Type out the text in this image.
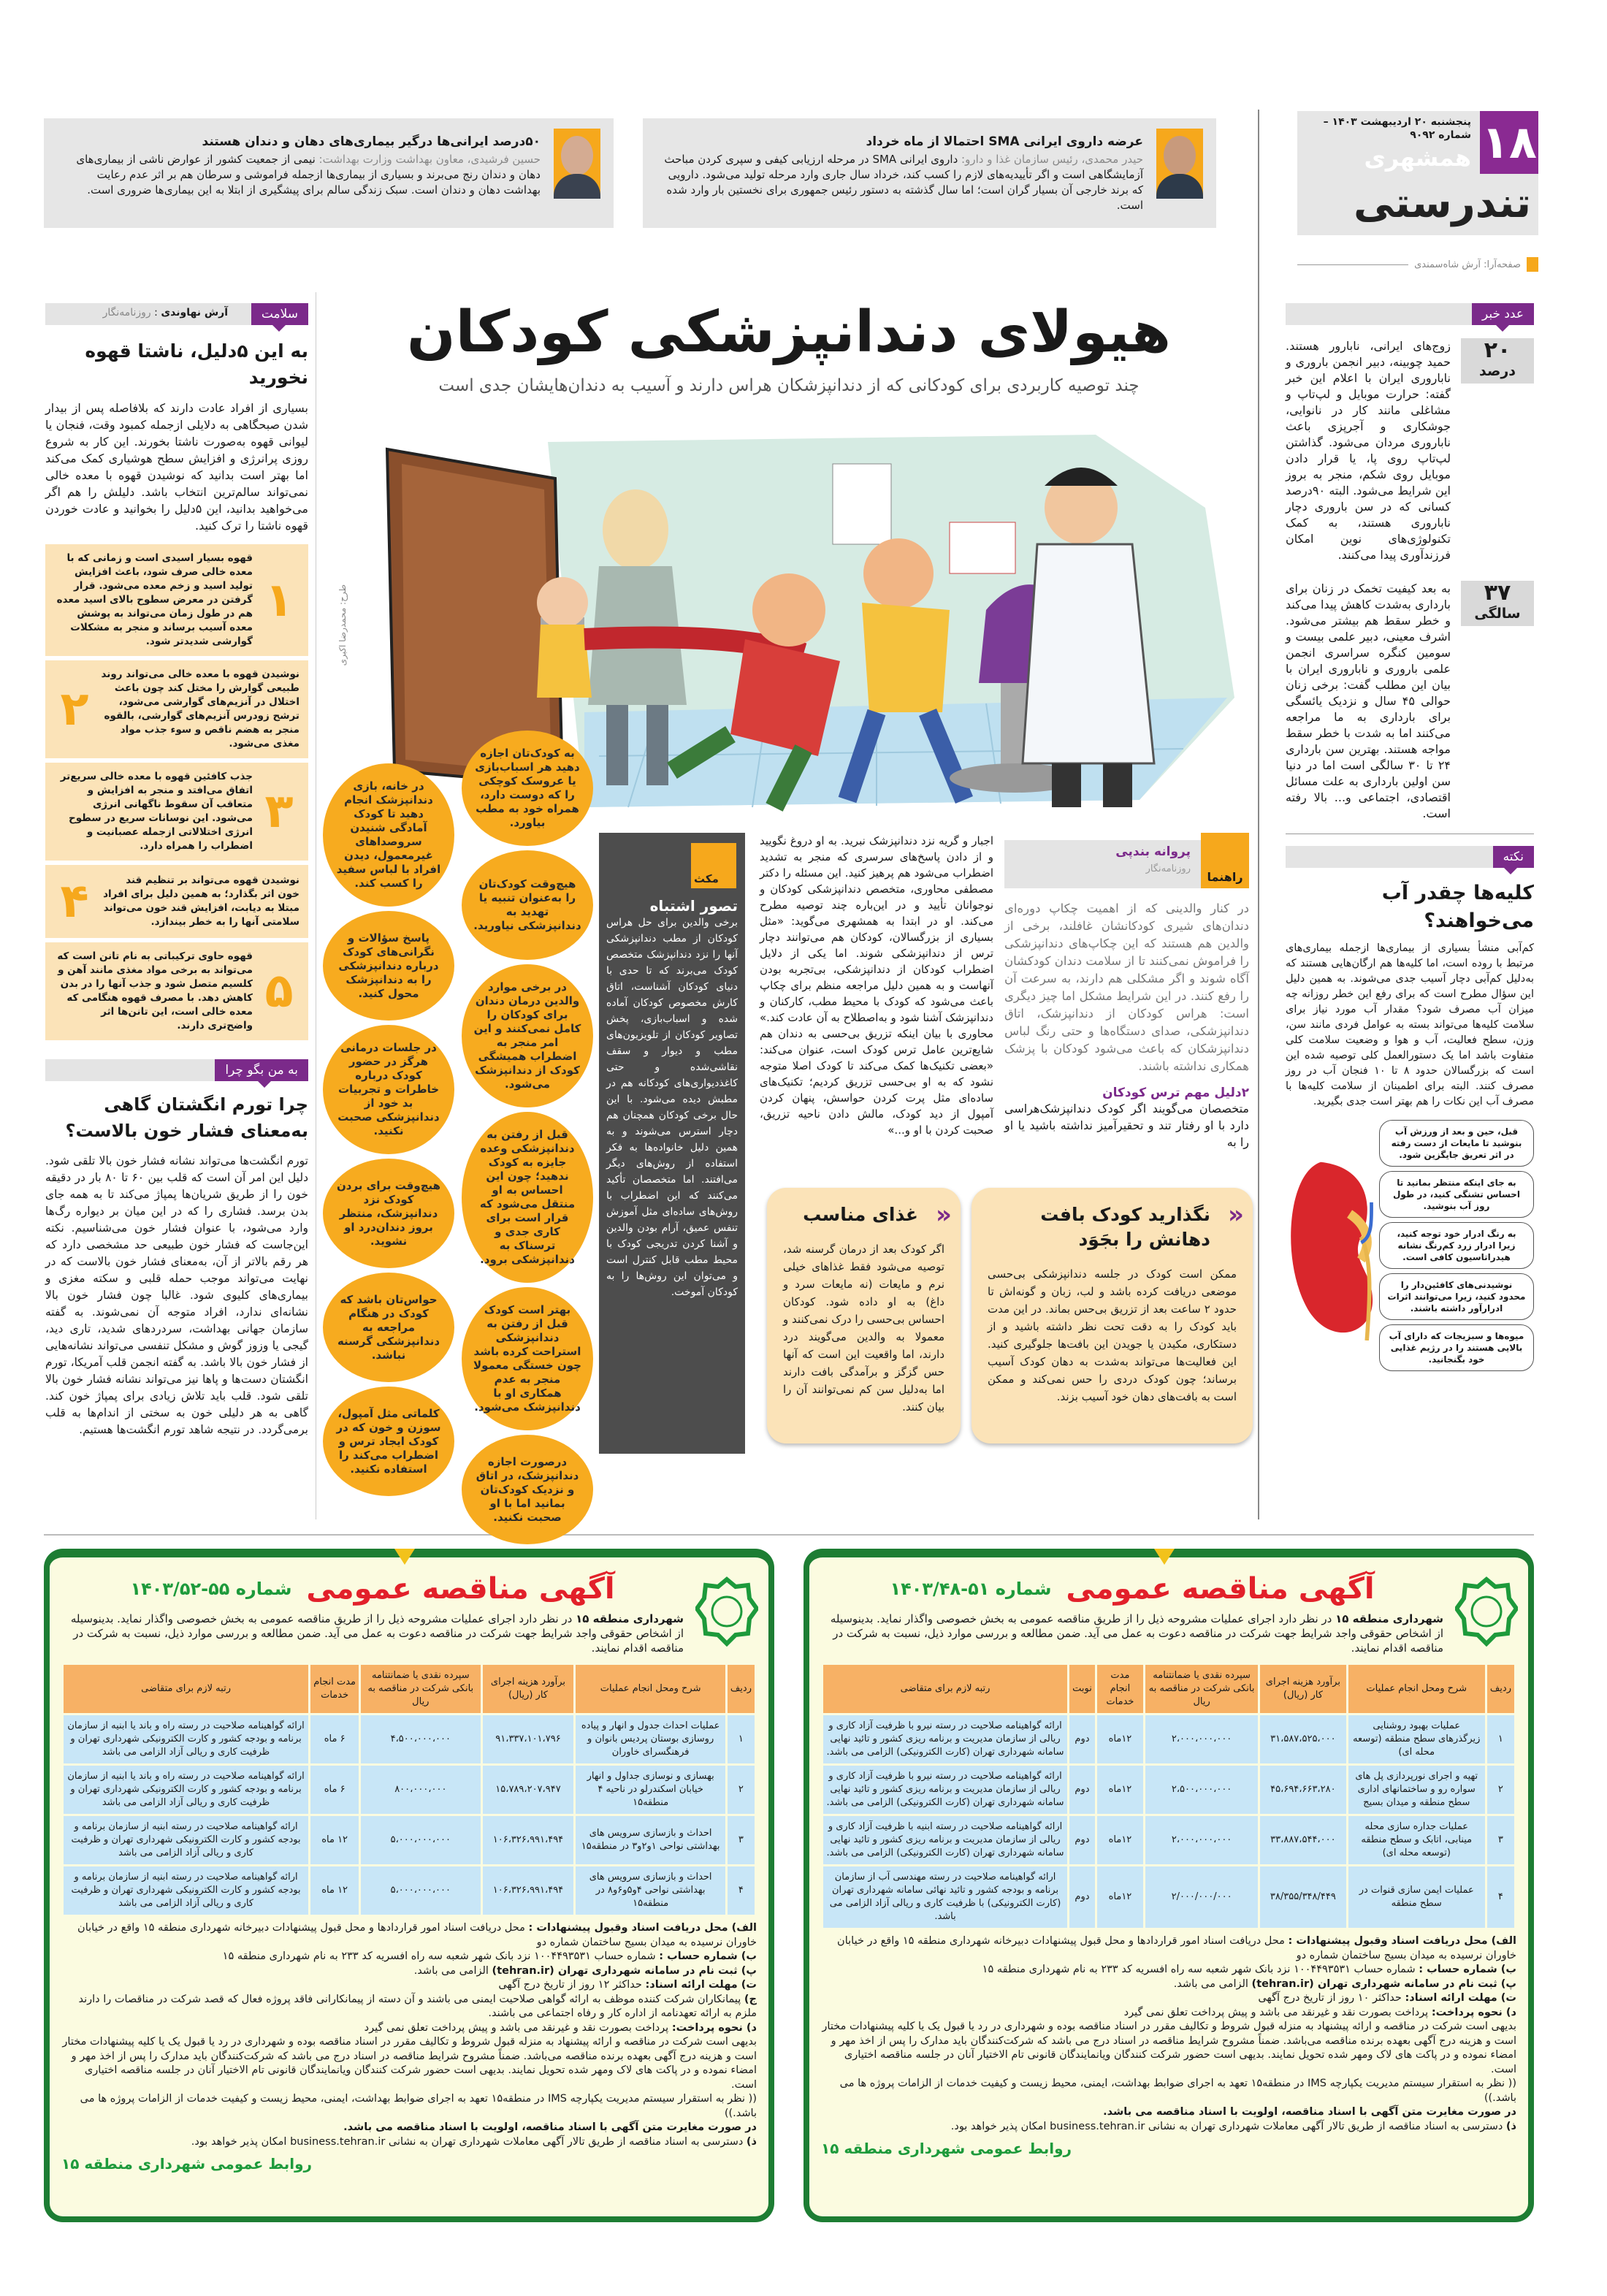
۱۸
پنجشنبه ۲۰ اردیبهشت ۱۴۰۳ – شماره ۹۰۹۲
همشهری
تندرستی
صفحه‌آرا: آرش شاه‌سمندی
عرضه داروی ایرانی SMA احتمالا از ماه خرداد

حیدر محمدی، رئیس سازمان غذا و دارو: داروی ایرانی SMA در مرحله ارزیابی کیفی و سپری کردن مباحث آزمایشگاهی است و اگر تأییدیه‌های لازم را کسب کند، خرداد سال جاری وارد مرحله تولید می‌شود. دارویی که برند خارجی آن بسیار گران است؛ اما سال گذشته به دستور رئیس جمهوری برای نخستین بار وارد شده است.

۵۰درصد ایرانی‌ها درگیر بیماری‌های دهان و دندان هستند

حسین فرشیدی، معاون بهداشت وزارت بهداشت: نیمی از جمعیت کشور از عوارض ناشی از بیماری‌های دهان و دندان رنج می‌برند و بسیاری از بیماری‌ها ازجمله فراموشی و سرطان هم بر اثر عدم رعایت بهداشت دهان و دندان است. سبک زندگی سالم برای پیشگیری از ابتلا به این بیماری‌ها ضروری است.

عدد خبر
۲۰
درصد

زوج‌های ایرانی، نابارور هستند. حمید چوبینه، دبیر انجمن باروری و ناباروری ایران با اعلام این خبر گفته: حرارت موبایل و لپ‌تاپ و مشاغلی مانند کار در نانوایی، جوشکاری و آجرپزی باعث ناباروری مردان می‌شود. گذاشتن لپ‌تاپ روی پا، یا قرار دادن موبایل روی شکم، منجر به بروز این شرایط می‌شود. البته ۹۰درصد کسانی که در سن باروری دچار ناباروری هستند، به کمک تکنولوژی‌های نوین امکان فرزندآوری پیدا می‌کنند.

۳۷
سالگی

به بعد کیفیت تخمک در زنان برای بارداری به‌شدت کاهش پیدا می‌کند و خطر سقط هم بیشتر می‌شود. اشرف معینی، دبیر علمی بیست و سومین کنگره سراسری انجمن علمی باروری و ناباروری ایران با بیان این مطلب گفت: برخی زنان حوالی ۴۵ سال و نزدیک یائسگی برای بارداری به ما مراجعه می‌کنند اما به شدت با خطر سقط مواجه هستند. بهترین سن بارداری ۲۴ تا ۳۰ سالگی است اما در دنیا سن اولین بارداری به علت مسائل اقتصادی، اجتماعی و... بالا رفته است.

نکته
کلیه‌ها چقدر آب می‌خواهند؟

کم‌آبی منشأ بسیاری از بیماری‌ها ازجمله بیماری‌های مرتبط با روده است، اما کلیه‌ها هم ارگان‌هایی هستند که به‌دلیل کم‌آبی دچار آسیب جدی می‌شوند. به همین دلیل این سؤال مطرح است که برای رفع این خطر روزانه چه میزان آب مصرف شود؟ مقدار آب مورد نیاز برای سلامت کلیه‌ها می‌تواند بسته به عوامل فردی مانند سن، وزن، سطح فعالیت، آب و هوا و وضعیت سلامت کلی متفاوت باشد اما یک دستورالعمل کلی توصیه شده این است که بزرگسالان حدود ۸ تا ۱۰ فنجان آب در روز مصرف کنند. البته برای اطمینان از سلامت کلیه‌ها با مصرف آب این نکات را هم بهتر است جدی بگیرید.

قبل، حین و بعد از ورزش آب بنوشید تا مایعات از دست رفته در اثر تعریق جایگزین شود.
به جای اینکه منتظر بمانید تا احساس تشنگی کنید، در طول روز آب بنوشید.
به رنگ ادرار خود توجه کنید، زیرا ادرار زرد کم‌رنگ نشانه هیدراتاسیون کافی است.
نوشیدنی‌های کافئین‌دار را محدود کنید، زیرا می‌توانند اثرات ادرارآور داشته باشند.
میوه‌ها و سبزیجات که دارای آب بالایی هستند را در رژیم غذایی خود بگنجانید.
هیولای دندانپزشکی کودکان
چند توصیه کاربردی برای کودکانی که از دندانپزشکان هراس دارند و آسیب به دندان‌هایشان جدی است
طرح: محمدرضا اکبری
راهنما
پروانه بندپی
روزنامه‌نگار

در کنار والدینی که از اهمیت چکاپ دوره‌ای دندان‌های شیری کودکانشان غافلند، برخی از والدین هم هستند که این چکاپ‌های دندانپزشکی را فراموش نمی‌کنند تا از سلامت دندان کودکشان آگاه شوند و اگر مشکلی هم دارند، به سرعت آن را رفع کنند. در این شرایط مشکل اما چیز دیگری است: هراس کودکان از دندانپزشک، اتاق دندانپزشکی، صدای دستگاه‌ها و حتی رنگ لباس دندانپزشکان که باعث می‌شود کودکان با پزشک همکاری نداشته باشند.

۲دلیل مهم ترس کودکان

متخصصان می‌گویند اگر کودک دندانپزشک‌هراسی دارد با او رفتار تند و تحقیرآمیز نداشته باشید یا او را به

اجبار و گریه نزد دندانپزشک نبرید. به او دروغ نگویید و از دادن پاسخ‌های سرسری که منجر به تشدید اضطراب می‌شود هم پرهیز کنید. این مسئله را دکتر مصطفی محاوری، متخصص دندانپزشکی کودکان و نوجوانان تأیید و در این‌باره چند توصیه مطرح می‌کند. او در ابتدا به همشهری می‌گوید: «مثل بسیاری از بزرگسالان، کودکان هم می‌توانند دچار ترس از دندانپزشکی شوند. اما یکی از دلایل اضطراب کودکان از دندانپزشکی، بی‌تجربه بودن آنهاست و به همین دلیل مراجعه منظم برای چکاپ باعث می‌شود که کودک با محیط مطب، کارکنان و دندانپزشک آشنا شود و به‌اصطلاح به آن عادت کند.» محاوری با بیان اینکه تزریق بی‌حسی به دندان هم شایع‌ترین عامل ترس کودک است، عنوان می‌کند: «بعضی تکنیک‌ها کمک می‌کند تا کودک اصلا متوجه نشود که به او بی‌حسی تزریق کردیم؛ تکنیک‌های ساده‌ای مثل پرت کردن حواسش، پنهان کردن آمپول از دید کودک، مالش دادن ناحیه تزریق، صحبت کردن با او و...»

مکث
تصور اشتباه

برخی والدین برای حل هراس کودکان از مطب دندانپزشکی آنها را نزد دندانپزشک متخصص کودک می‌برند که تا حدی با دنیای کودکان آشناست، اتاق کارش مخصوص کودکان آماده شده و اسباب‌بازی، پخش تصاویر کودکان از تلویزیون‌های مطب و دیوار و سقف نقاشی‌شده و حتی کاغذدیواری‌های کودکانه هم در مطبش دیده می‌شود. با این حال برخی کودکان همچنان هم دچار استرس می‌شوند و به همین دلیل خانواده‌ها به فکر استفاده از روش‌های دیگر می‌افتند. اما متخصصان تأکید می‌کنند که این اضطراب با روش‌های ساده‌ای مثل آموزش تنفس عمیق، آرام بودن والدین و آشنا کردن تدریجی کودک با محیط مطب قابل کنترل است و می‌توان این روش‌ها را به کودکان آموخت.

به کودک‌تان اجازه دهید هر اسباب‌بازی یا عروسک کوچکی را که دوست دارد، همراه خود به مطب بیاورد.
هیچ‌وقت کودک‌تان را به‌عنوان تنبیه یا تهدید به دندانپزشکی نیاورید.
در برخی موارد والدین درمان دندان برای کودکان را کامل نمی‌کنند و این امر منجر به اضطراب همیشگی کودک از دندانپزشک می‌شود.
قبل از رفتن به دندانپزشکی وعده جایزه به کودک ندهید؛ چون این احساس به او منتقل می‌شود که قرار است برای کاری جدی و ترسناک به دندانپزشکی برود.
بهتر است کودک قبل از رفتن به دندانپزشکی استراحت کرده باشد چون خستگی معمولا منجر به عدم همکاری او با دندانپزشک می‌شود.
درصورت اجازه دندانپزشک، در اتاق و نزدیک کودک‌تان بمانید اما با او صحبت نکنید.
در خانه، بازی دندانپزشک انجام دهید تا کودک آمادگی شنیدن سروصداهای غیرمعمول، دیدن افراد با لباس سفید را کسب کند.
پاسخ سؤالات و نگرانی‌های کودک درباره دندانپزشکی را به دندانپزشک محول کنید.
در جلسات درمانی هرگز در حضور کودک درباره خاطرات و تجربیات بد خود از دندانپزشکی صحبت نکنید.
هیچ‌وقت برای بردن کودک نزد دندانپزشک، منتظر بروز دندان‌درد او نشوید.
حواس‌تان باشد که کودک در هنگام مراجعه به دندانپزشکی گرسنه نباشد.
کلماتی مثل آمپول، سوزن و خون که در کودک ایجاد ترس و اضطراب می‌کند را استفاده نکنید.
«
نگذارید کودک بافت دهانش را بجَوَد

ممکن است کودک در جلسه دندانپزشکی بی‌حسی موضعی دریافت کرده باشد و لب، زبان و گونه‌اش تا حدود ۲ ساعت بعد از تزریق بی‌حس بماند. در این مدت باید کودک را به دقت تحت نظر داشته باشید و از دستکاری، مکیدن یا جویدن این بافت‌ها جلوگیری کنید. این فعالیت‌ها می‌تواند به‌شدت به دهان کودک آسیب برساند؛ چون کودک دردی را حس نمی‌کند و ممکن است به بافت‌های دهان خود آسیب بزند.

«
غذای مناسب

اگر کودک بعد از درمان گرسنه شد، توصیه می‌شود فقط غذاهای خیلی نرم و مایعات (نه مایعات سرد و داغ) به او داده شود. کودکان احساس بی‌حسی را درک نمی‌کنند و معمولا به والدین می‌گویند درد دارند، اما واقعیت این است که آنها حس گزگز و برآمدگی بافت دارند اما به‌دلیل سن کم نمی‌توانند آن را بیان کنند.

سلامت
آرش نهاوندی : روزنامه‌نگار
به این ۵دلیل، ناشتا قهوه نخورید

بسیاری از افراد عادت دارند که بلافاصله پس از بیدار شدن صبحگاهی به دلایلی ازجمله کمبود وقت، فنجان یا لیوانی قهوه به‌صورت ناشتا بخورند. این کار به شروع روزی پرانرژی و افزایش سطح هوشیاری کمک می‌کند اما بهتر است بدانید که نوشیدن قهوه با معده خالی نمی‌تواند سالم‌ترین انتخاب باشد. دلیلش را هم اگر می‌خواهید بدانید، این ۵دلیل را بخوانید و عادت خوردن قهوه ناشتا را ترک کنید.

۱
قهوه بسیار اسیدی است و زمانی که با معده خالی صرف شود، باعث افزایش تولید اسید و زخم معده می‌شود. قرار گرفتن در معرض سطوح بالای اسید معده هم در طول زمان می‌تواند به پوشش معده آسیب برساند و منجر به مشکلات گوارشی شدیدتر شود.
۲
نوشیدن قهوه با معده خالی می‌تواند روند طبیعی گوارش را مختل کند چون باعث اختلال در آنزیم‌های گوارشی می‌شود، ترشح زودرس آنزیم‌های گوارشی، بالقوه منجر به هضم ناقص و سوء جذب مواد مغذی می‌شود.
۳
جذب کافئین قهوه با معده خالی سریع‌تر اتفاق می‌افتد و منجر به افزایش و متعاقب آن سقوط ناگهانی انرژی می‌شود. این نوسانات سریع در سطوح انرژی اختلالاتی ازجمله عصبانیت و اضطراب را همراه دارد.
۴	نوشیدن قهوه می‌تواند بر تنظیم قند خون اثر بگذارد؛ به همین دلیل برای افراد مبتلا به دیابت، افزایش قند خون می‌تواند سلامتی آنها را به خطر بیندازد.
۵
قهوه حاوی ترکیباتی به نام تانن است که می‌تواند به برخی مواد مغذی مانند آهن و کلسیم متصل شود و جذب آنها را در بدن کاهش دهد. با مصرف قهوه هنگامی که معده خالی است، این تانن‌ها اثر واضح‌تری دارند.
به من بگو چرا
چرا تورم انگشتان گاهی به‌معنای فشار خون بالاست؟

تورم انگشت‌ها می‌تواند نشانه فشار خون بالا تلقی شود. دلیل این امر آن است که قلب بین ۶۰ تا ۸۰ بار در دقیقه خون را از طریق شریان‌ها پمپاژ می‌کند تا به همه جای بدن برسد. فشاری را که در این میان بر دیواره رگ‌ها وارد می‌شود، با عنوان فشار خون می‌شناسیم. نکته این‌جاست که فشار خون طبیعی حد مشخصی دارد که هر رقم بالاتر از آن، به‌معنای فشار خون بالاست که در نهایت می‌تواند موجب حمله قلبی و سکته مغزی و بیماری‌های کلیوی شود. غالبا چون فشار خون بالا نشانه‌ای ندارد، افراد متوجه آن نمی‌شوند. به گفته سازمان جهانی بهداشت، سردردهای شدید، تاری دید، گیجی یا وزوز گوش و مشکل تنفسی می‌تواند نشانه‌هایی از فشار خون بالا باشد. به گفته انجمن قلب آمریکا، تورم انگشتان دست‌ها و پاها نیز می‌تواند نشانه فشار خون بالا تلقی شود. قلب باید تلاش زیادی برای پمپاژ خون کند. گاهی به هر دلیلی خون به سختی از اندام‌ها به قلب برمی‌گردد. در نتیجه شاهد تورم انگشت‌ها هستیم.

آگهی مناقصه عمومی
شماره ۵۱-۱۴۰۳/۴۸

شهرداری منطقه ۱۵ در نظر دارد اجرای عملیات مشروحه ذیل را از طریق مناقصه عمومی به بخش خصوصی واگذار نماید. بدینوسیله از اشخاص حقوقی واجد شرایط جهت شرکت در مناقصه دعوت به عمل می آید. ضمن مطالعه و بررسی موارد ذیل، نسبت به شرکت در مناقصه اقدام نمایند.

ردیف	شرح ومحل انجام عملیات	برآورد هزینه اجرای کار (ریال)	سپرده نقدی یا ضمانتنامه بانکی شرکت در مناقصه به ریال	مدت انجام خدمات	نوبت	رتبه لازم برای متقاضی
۱	عملیات بهبود روشنایی زیرگذرهای سطح منطقه (توسعه محله ای)	۳۱،۵۸۷،۵۲۵،۰۰۰	۲،۰۰۰،۰۰۰،۰۰۰	۱۲ماه	دوم	ارائه گواهینامه صلاحیت در رسته نیرو با ظرفیت آزاد کاری و ریالی از سازمان مدیریت و برنامه ریزی کشور و تائید نهایی سامانه شهرداری تهران (کارت الکترونیکی) الزامی می باشد.
۲	تهیه و اجرای نورپردازی پل های سواره رو و ساختمانهای اداری سطح منطقه و میدان بسیج	۴۵،۶۹۴،۶۶۳،۲۸۰	۲،۵۰۰،۰۰۰،۰۰۰	۱۲ماه	دوم	ارائه گواهینامه صلاحیت در رسته نیرو با ظرفیت آزاد کاری و ریالی از سازمان مدیریت و برنامه ریزی کشور و تائید نهایی سامانه شهرداری تهران (کارت الکترونیکی) الزامی می باشد.
۳	عملیات جداره سازی محله مینابی، اتابک و سطح منطقه (توسعه محله ای)	۳۳،۸۸۷،۵۴۴،۰۰۰	۲،۰۰۰،۰۰۰،۰۰۰	۱۲ماه	دوم	ارائه گواهینامه صلاحیت در رسته ابنیه با ظرفیت آزاد کاری و ریالی از سازمان مدیریت و برنامه ریزی کشور و تائید نهایی سامانه شهرداری تهران (کارت الکترونیکی) الزامی می باشد.
۴	عملیات ایمن سازی قنوات در سطح منطقه	۳۸/۳۵۵/۳۴۸/۴۴۹	۲/۰۰۰/۰۰۰/۰۰۰	۱۲ماه	دوم	ارائه گواهینامه صلاحیت در رسته مهندسی آب از سازمان برنامه و بودجه کشور و تائید نهائی سامانه شهرداری تهران (کارت الکترونیکی) با ظرفیت کاری و ریالی آزاد الزامی می باشد.

الف) محل دریافت اسناد وقبول پیشنهادات : محل دریافت اسناد امور قراردادها و محل قبول پیشنهادات دبیرخانه شهرداری منطقه ۱۵ واقع در خیابان خاوران نرسیده به میدان بسیج ساختمان شماره دو

ب) شماره حساب : شماره حساب ۱۰۰۴۴۹۳۵۳۱ نزد بانک شهر شعبه سه راه افسریه کد ۲۳۳ به نام شهرداری منطقه ۱۵

پ) ثبت نام در سامانه شهرداری تهران (tehran.ir) الزامی می باشد.

ت) مهلت ارائه اسناد: حداکثر ۱۰ روز از تاریخ درج آگهی

د) نحوه پرداخت: پرداخت بصورت نقد و غیرنقد می باشد و پیش پرداخت تعلق نمی گیرد

بدیهی است شرکت در مناقصه و ارائه پیشنهاد به منزله قبول شروط و تکالیف مقرر در اسناد مناقصه بوده و شهرداری در رد یا قبول یک یا کلیه پیشنهادات مختار است و هزینه درج آگهی بعهده برنده مناقصه می‌باشد. ضمناً مشروح شرایط مناقصه در اسناد درج می باشد که شرکت‌کنندگان باید مدارک را پس از اخذ مهر و امضاء نموده و در پاکت های لاک ومهر شده تحویل نمایند. بدیهی است حضور شرکت کنندگان ویانمایندگان قانونی تام الاختیار آنان در جلسه مناقصه اختیاری است.

(( نظر به استقرار سیستم مدیریت یکپارچه IMS در منطقه۱۵ تعهد به اجرای ضوابط بهداشت، ایمنی، محیط زیست و کیفیت خدمات از الزامات پروژه ها می باشد.))

در صورت مغایرت متن آگهی با اسناد مناقصه، اولویت با اسناد مناقصه می باشد.

ذ) دسترسی به اسناد مناقصه از طریق تالار آگهی معاملات شهرداری تهران به نشانی business.tehran.ir امکان پذیر خواهد بود.

روابط عمومی شهرداری منطقه ۱۵
آگهی مناقصه عمومی
شماره ۵۵-۱۴۰۳/۵۲

شهرداری منطقه ۱۵ در نظر دارد اجرای عملیات مشروحه ذیل را از طریق مناقصه عمومی به بخش خصوصی واگذار نماید. بدینوسیله از اشخاص حقوقی واجد شرایط جهت شرکت در مناقصه دعوت به عمل می آید. ضمن مطالعه و بررسی موارد ذیل، نسبت به شرکت در مناقصه اقدام نمایند.

ردیف	شرح ومحل انجام عملیات	برآورد هزینه اجرای کار (ریال)	سپرده نقدی یا ضمانتنامه بانکی شرکت در مناقصه به ریال	مدت انجام خدمات	رتبه لازم برای متقاضی
۱	عملیات احداث جدول و انهار و پیاده روسازی بوستان پردیس بانوان و فرهنگسرای خاوران	۹۱،۳۳۷،۱۰۱،۷۹۶	۴،۵۰۰،۰۰۰،۰۰۰	۶ ماه	ارائه گواهینامه صلاحیت در رسته راه و باند یا ابنیه از سازمان برنامه و بودجه کشور و کارت الکترونیکی شهرداری تهران و ظرفیت کاری و ریالی آزاد الزامی می باشد
۲	بهسازی و نوسازی جداول و انهار خیابان اسکندرلو در ناحیه ۴ منطقه۱۵	۱۵،۷۸۹،۲۰۷،۹۴۷	۸۰۰،۰۰۰،۰۰۰	۶ ماه	ارائه گواهینامه صلاحیت در رسته راه و باند یا ابنیه از سازمان برنامه و بودجه کشور و کارت الکترونیکی شهرداری تهران و ظرفیت کاری و ریالی آزاد الزامی می باشد
۳	احداث و بازسازی سرویس های بهداشتی نواحی ۱و۲و۳ در منطقه۱۵	۱۰۶،۳۲۶،۹۹۱،۴۹۴	۵،۰۰۰،۰۰۰،۰۰۰	۱۲ ماه	ارائه گواهینامه صلاحیت در رسته ابنیه از سازمان برنامه و بودجه کشور و کارت الکترونیکی شهرداری تهران و ظرفیت کاری و ریالی آزاد الزامی می باشد
۴	احداث و بازسازی سرویس های بهداشتی نواحی ۴و۵و۶و۸ در منطقه۱۵	۱۰۶،۳۲۶،۹۹۱،۴۹۴	۵،۰۰۰،۰۰۰،۰۰۰	۱۲ ماه	ارائه گواهینامه صلاحیت در رسته ابنیه از سازمان برنامه و بودجه کشور و کارت الکترونیکی شهرداری تهران و ظرفیت کاری و ریالی آزاد الزامی می باشد

الف) محل دریافت اسناد وقبول پیشنهادات : محل دریافت اسناد امور قراردادها و محل قبول پیشنهادات دبیرخانه شهرداری منطقه ۱۵ واقع در خیابان خاوران نرسیده به میدان بسیج ساختمان شماره دو

ب) شماره حساب : شماره حساب ۱۰۰۴۴۹۳۵۳۱ نزد بانک شهر شعبه سه راه افسریه کد ۲۳۳ به نام شهرداری منطقه ۱۵

پ) ثبت نام در سامانه شهرداری تهران (tehran.ir) الزامی می باشد.

ت) مهلت ارائه اسناد: حداکثر ۱۲ روز از تاریخ درج آگهی

ج) پیمانکاران شرکت کننده موظف به ارائه گواهی صلاحیت ایمنی می باشند و آن دسته از پیمانکارانی فاقد پروژه فعال که قصد شرکت در مناقصات را دارند ملزم به ارائه تعهدنامه از اداره کار و رفاه اجتماعی می باشند.

د) نحوه پرداخت: پرداخت بصورت نقد و غیرنقد می باشد و پیش پرداخت تعلق نمی گیرد

بدیهی است شرکت در مناقصه و ارائه پیشنهاد به منزله قبول شروط و تکالیف مقرر در اسناد مناقصه بوده و شهرداری در رد یا قبول یک یا کلیه پیشنهادات مختار است و هزینه درج آگهی بعهده برنده مناقصه می‌باشد. ضمناً مشروح شرایط مناقصه در اسناد درج می باشد که شرکت‌کنندگان باید مدارک را پس از اخذ مهر و امضاء نموده و در پاکت های لاک ومهر شده تحویل نمایند. بدیهی است حضور شرکت کنندگان ویانمایندگان قانونی تام الاختیار آنان در جلسه مناقصه اختیاری است.

(( نظر به استقرار سیستم مدیریت یکپارچه IMS در منطقه۱۵ تعهد به اجرای ضوابط بهداشت، ایمنی، محیط زیست و کیفیت خدمات از الزامات پروژه ها می باشد.))

در صورت مغایرت متن آگهی با اسناد مناقصه، اولویت با اسناد مناقصه می باشد.

ذ) دسترسی به اسناد مناقصه از طریق تالار آگهی معاملات شهرداری تهران به نشانی business.tehran.ir امکان پذیر خواهد بود.

روابط عمومی شهرداری منطقه ۱۵
